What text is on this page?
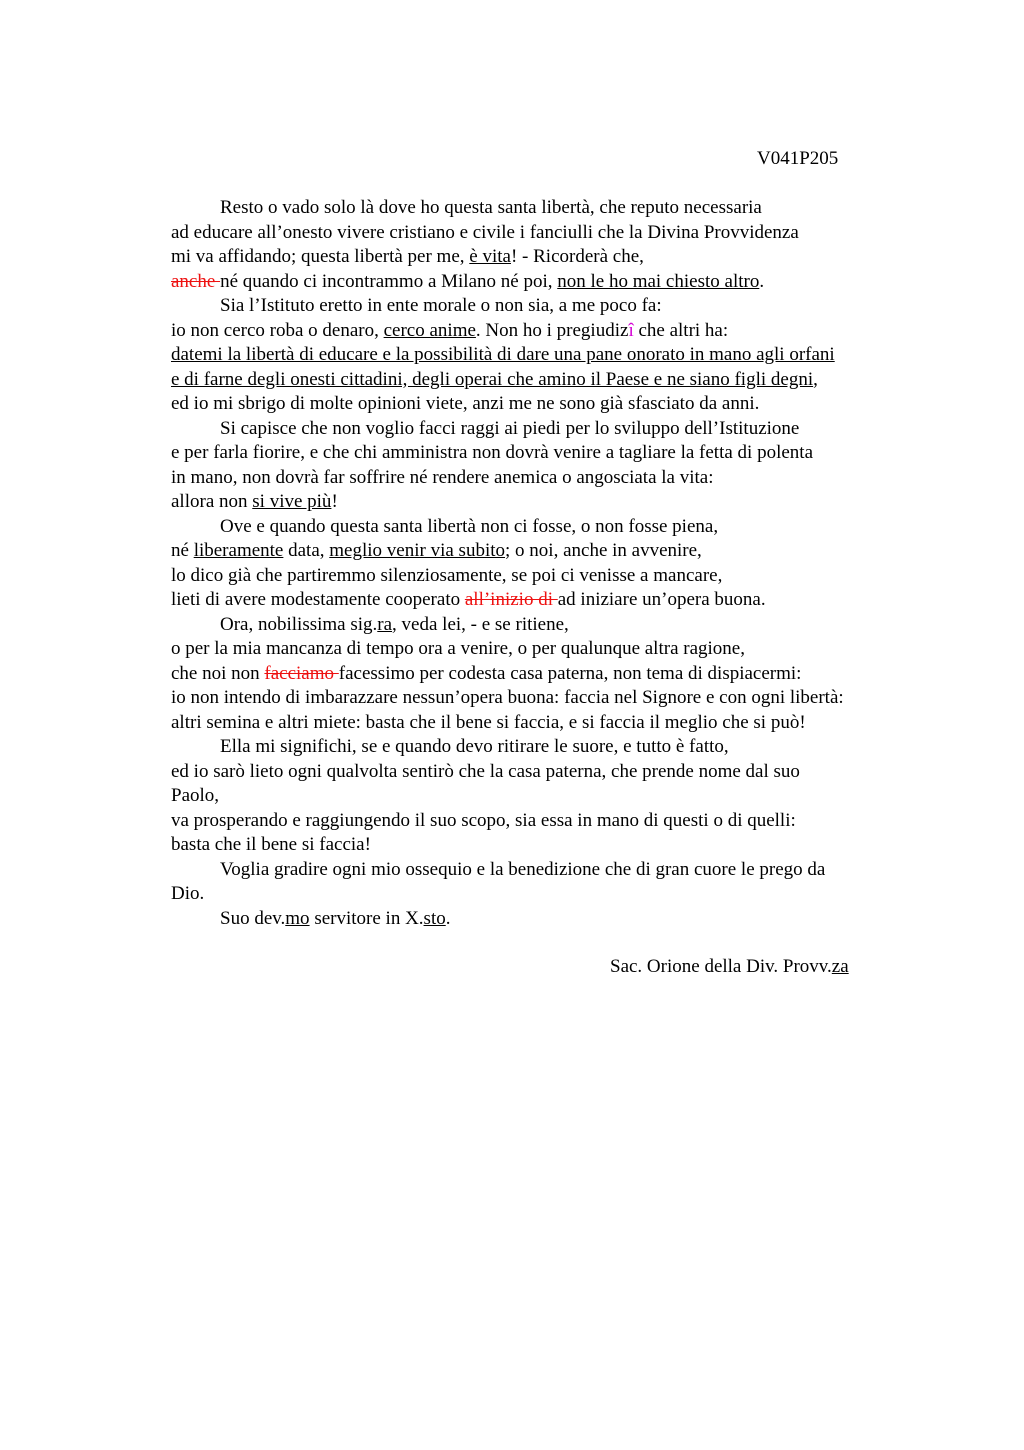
V041P205
Resto o vado solo là dove ho questa santa libertà, che reputo necessaria
ad educare all’onesto vivere cristiano e civile i fanciulli che la Divina Provvidenza
mi va affidando; questa libertà per me, è vita! - Ricorderà che,
anche né quando ci incontrammo a Milano né poi, non le ho mai chiesto altro.
Sia l’Istituto eretto in ente morale o non sia, a me poco fa:
io non cerco roba o denaro, cerco anime. Non ho i pregiudizî che altri ha:
datemi la libertà di educare e la possibilità di dare una pane onorato in mano agli orfani
e di farne degli onesti cittadini, degli operai che amino il Paese e ne siano figli degni,
ed io mi sbrigo di molte opinioni viete, anzi me ne sono già sfasciato da anni.
Si capisce che non voglio facci raggi ai piedi per lo sviluppo dell’Istituzione
e per farla fiorire, e che chi amministra non dovrà venire a tagliare la fetta di polenta
in mano, non dovrà far soffrire né rendere anemica o angosciata la vita:
allora non si vive più!
Ove e quando questa santa libertà non ci fosse, o non fosse piena,
né liberamente data, meglio venir via subito; o noi, anche in avvenire,
lo dico già che partiremmo silenziosamente, se poi ci venisse a mancare,
lieti di avere modestamente cooperato all’inizio di ad iniziare un’opera buona.
Ora, nobilissima sig.ra, veda lei, - e se ritiene,
o per la mia mancanza di tempo ora a venire, o per qualunque altra ragione,
che noi non facciamo facessimo per codesta casa paterna, non tema di dispiacermi:
io non intendo di imbarazzare nessun’opera buona: faccia nel Signore e con ogni libertà:
altri semina e altri miete: basta che il bene si faccia, e si faccia il meglio che si può!
Ella mi significhi, se e quando devo ritirare le suore, e tutto è fatto,
ed io sarò lieto ogni qualvolta sentirò che la casa paterna, che prende nome dal suo
Paolo,
va prosperando e raggiungendo il suo scopo, sia essa in mano di questi o di quelli:
basta che il bene si faccia!
Voglia gradire ogni mio ossequio e la benedizione che di gran cuore le prego da
Dio.
Suo dev.mo servitore in X.sto.
Sac. Orione della Div. Provv.za
